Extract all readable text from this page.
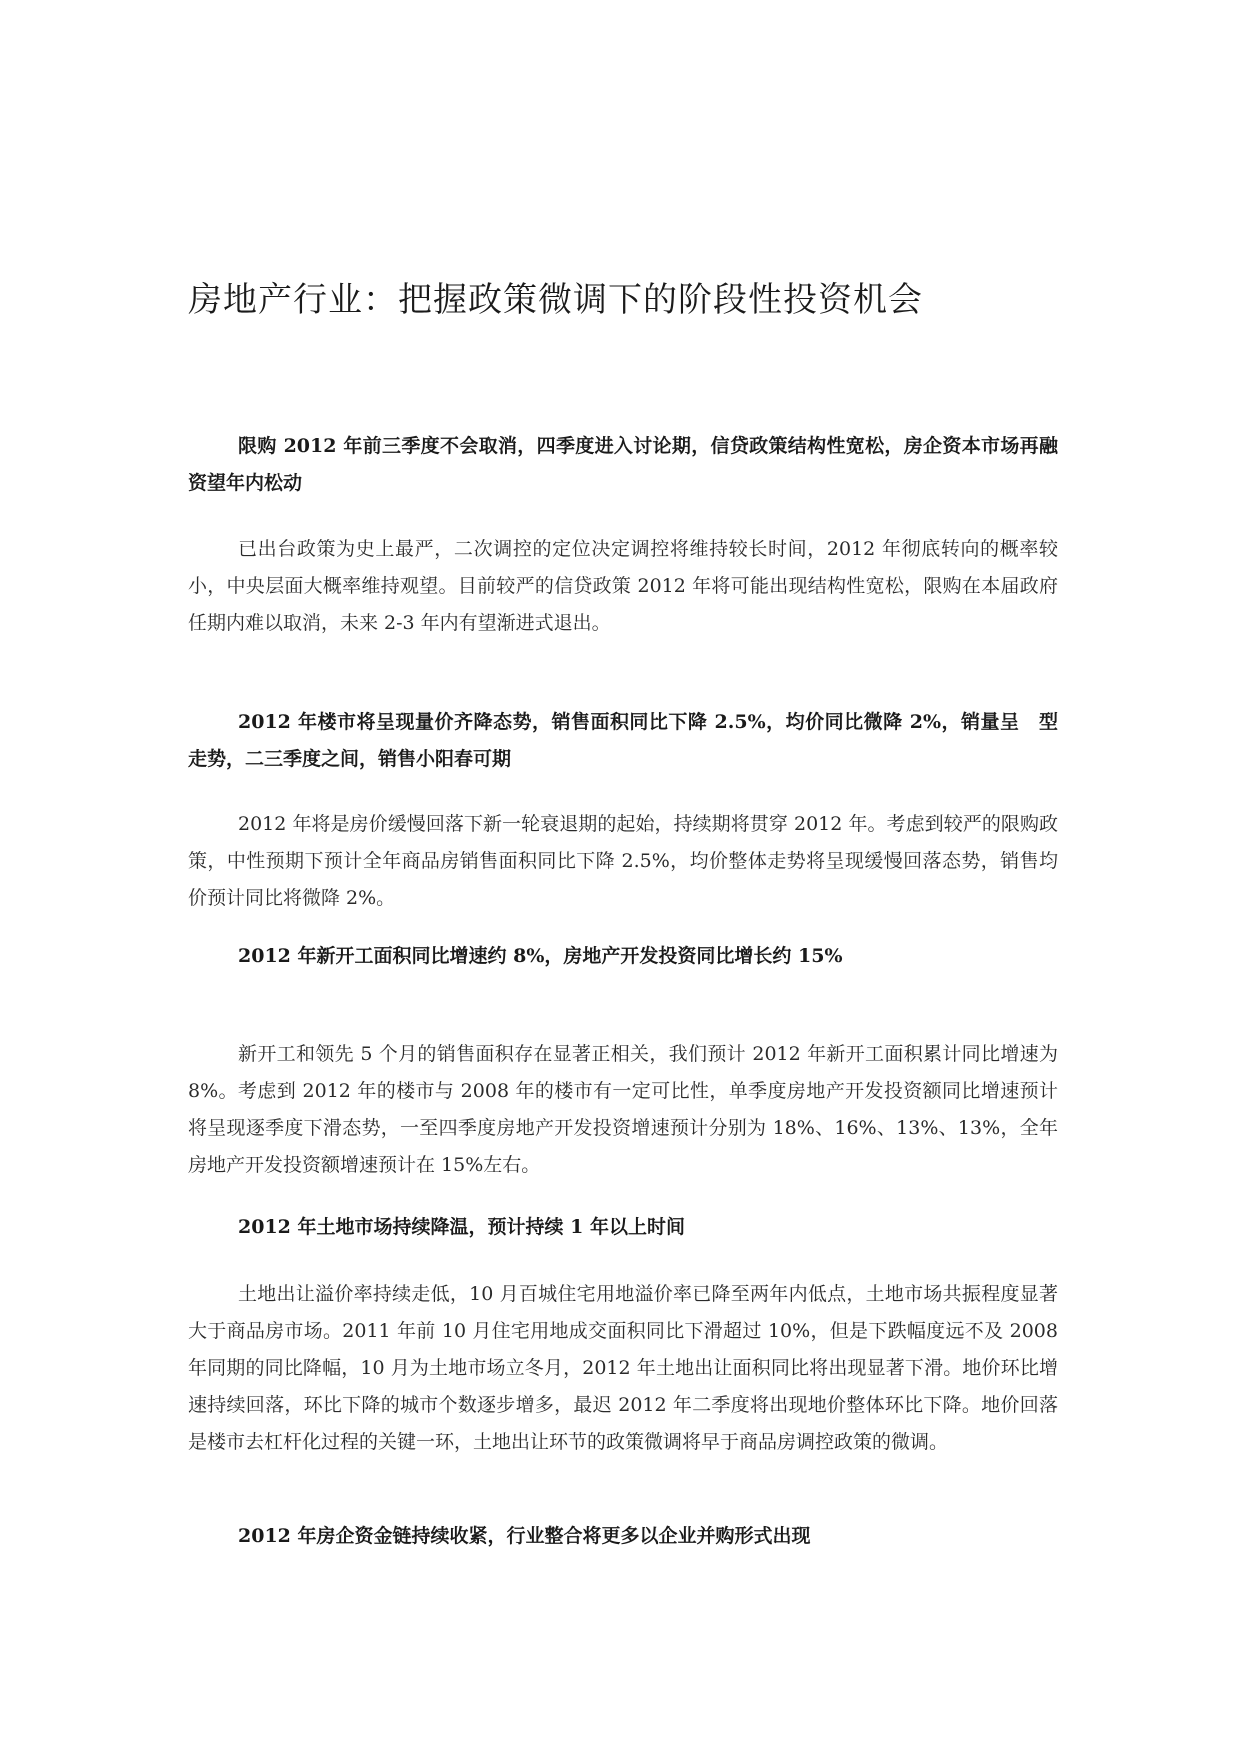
房地产行业：把握政策微调下的阶段性投资机会

限购 2012 年前三季度不会取消，四季度进入讨论期，信贷政策结构性宽松，房企资本市场再融资望年内松动

已出台政策为史上最严，二次调控的定位决定调控将维持较长时间，2012 年彻底转向的概率较小，中央层面大概率维持观望。目前较严的信贷政策 2012 年将可能出现结构性宽松，限购在本届政府任期内难以取消，未来 2-3 年内有望渐进式退出。

2012 年楼市将呈现量价齐降态势，销售面积同比下降 2.5%，均价同比微降 2%，销量呈　型走势，二三季度之间，销售小阳春可期

2012 年将是房价缓慢回落下新一轮衰退期的起始，持续期将贯穿 2012 年。考虑到较严的限购政策，中性预期下预计全年商品房销售面积同比下降 2.5%，均价整体走势将呈现缓慢回落态势，销售均价预计同比将微降 2%。

2012 年新开工面积同比增速约 8%，房地产开发投资同比增长约 15%

新开工和领先 5 个月的销售面积存在显著正相关，我们预计 2012 年新开工面积累计同比增速为 8%。考虑到 2012 年的楼市与 2008 年的楼市有一定可比性，单季度房地产开发投资额同比增速预计将呈现逐季度下滑态势，一至四季度房地产开发投资增速预计分别为 18%、16%、13%、13%，全年房地产开发投资额增速预计在 15%左右。

2012 年土地市场持续降温，预计持续 1 年以上时间

土地出让溢价率持续走低，10 月百城住宅用地溢价率已降至两年内低点，土地市场共振程度显著大于商品房市场。2011 年前 10 月住宅用地成交面积同比下滑超过 10%，但是下跌幅度远不及 2008 年同期的同比降幅，10 月为土地市场立冬月，2012 年土地出让面积同比将出现显著下滑。地价环比增速持续回落，环比下降的城市个数逐步增多，最迟 2012 年二季度将出现地价整体环比下降。地价回落是楼市去杠杆化过程的关键一环，土地出让环节的政策微调将早于商品房调控政策的微调。

2012 年房企资金链持续收紧，行业整合将更多以企业并购形式出现
